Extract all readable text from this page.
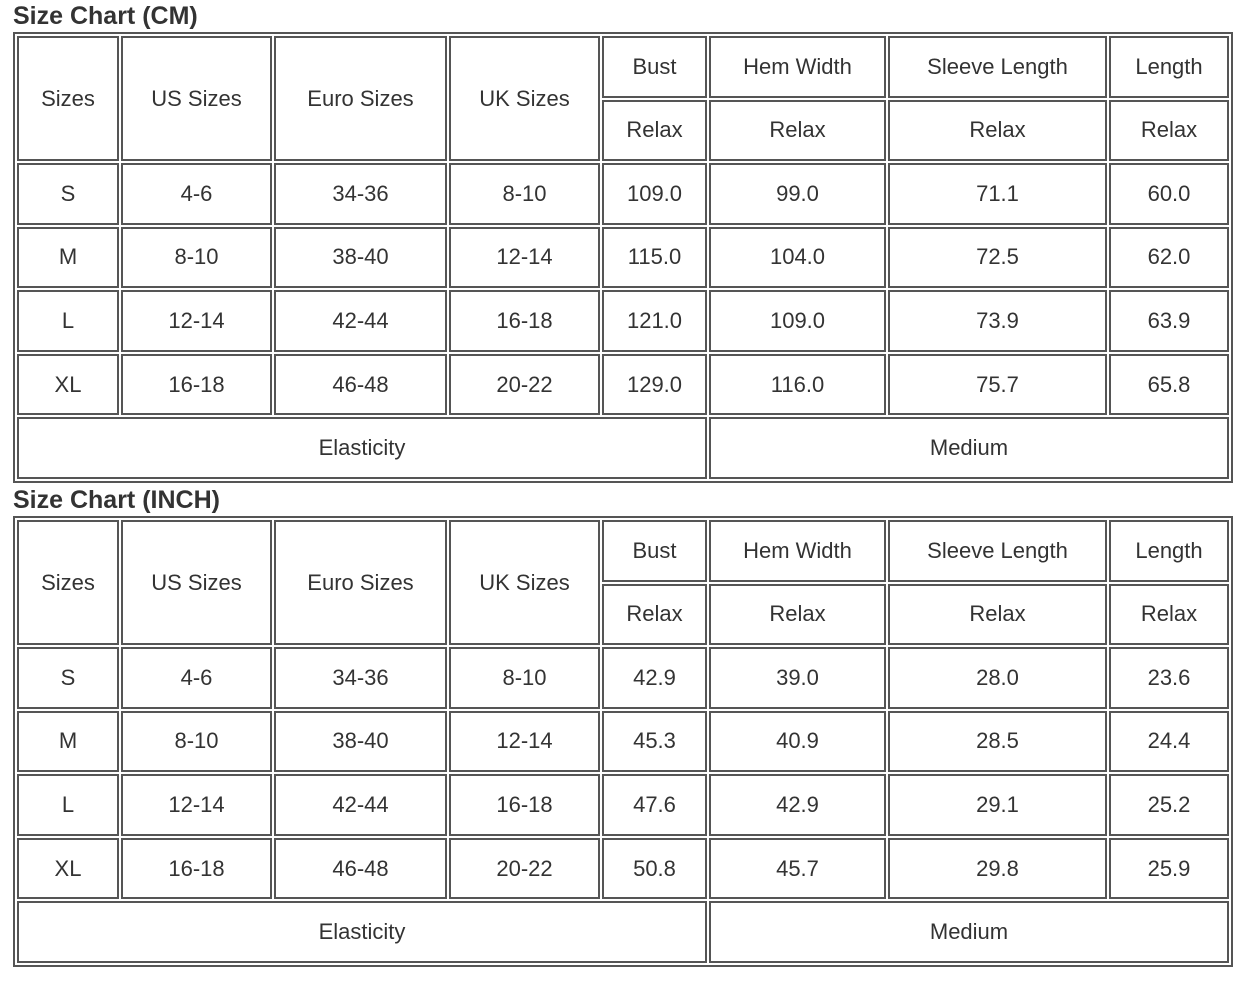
Size Chart (CM)
Sizes	US Sizes	Euro Sizes	UK Sizes	Bust	Hem Width	Sleeve Length	Length
				Relax	Relax	Relax	Relax
S	4-6	34-36	8-10	109.0	99.0	71.1	60.0
M	8-10	38-40	12-14	115.0	104.0	72.5	62.0
L	12-14	42-44	16-18	121.0	109.0	73.9	63.9
XL	16-18	46-48	20-22	129.0	116.0	75.7	65.8
Elasticity					Medium		
Size Chart (INCH)
Sizes	US Sizes	Euro Sizes	UK Sizes	Bust	Hem Width	Sleeve Length	Length
				Relax	Relax	Relax	Relax
S	4-6	34-36	8-10	42.9	39.0	28.0	23.6
M	8-10	38-40	12-14	45.3	40.9	28.5	24.4
L	12-14	42-44	16-18	47.6	42.9	29.1	25.2
XL	16-18	46-48	20-22	50.8	45.7	29.8	25.9
Elasticity					Medium		
